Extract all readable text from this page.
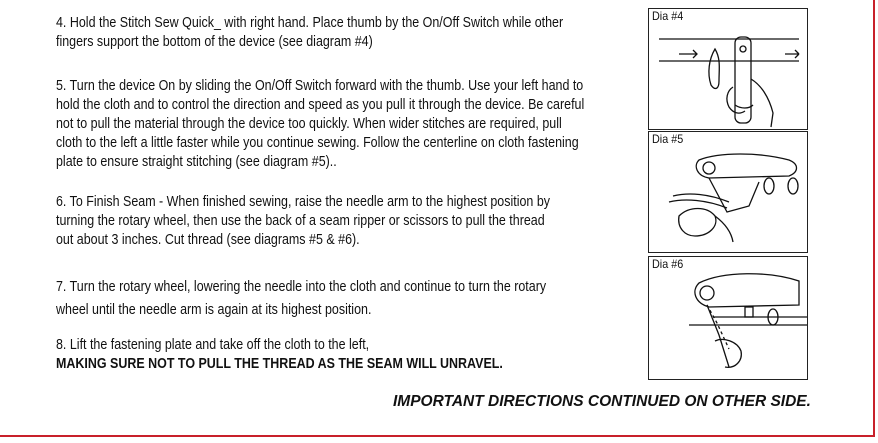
4. Hold the Stitch Sew Quick_ with right hand. Place thumb by the On/Off Switch while other
fingers support the bottom of the device (see diagram #4)
5. Turn the device On by sliding the On/Off Switch forward with the thumb. Use your left hand to
hold the cloth and to control the direction and speed as you pull it through the device. Be careful
not to pull the material through the device too quickly. When wider stitches are required, pull
cloth to the left a little faster while you continue sewing. Follow the centerline on cloth fastening
plate to ensure straight stitching (see diagram #5)..
6. To Finish Seam - When finished sewing, raise the needle arm to the highest position by
turning the rotary wheel, then use the back of a seam ripper or scissors to pull the thread
out about 3 inches. Cut thread (see diagrams #5 & #6).
7. Turn the rotary wheel, lowering the needle into the cloth and continue to turn the rotary
wheel until the needle arm is again at its highest position.
8. Lift the fastening plate and take off the cloth to the left,
MAKING SURE NOT TO PULL THE THREAD AS THE SEAM WILL UNRAVEL.
IMPORTANT DIRECTIONS CONTINUED ON OTHER SIDE.
Dia #4
Dia #5
Dia #6
